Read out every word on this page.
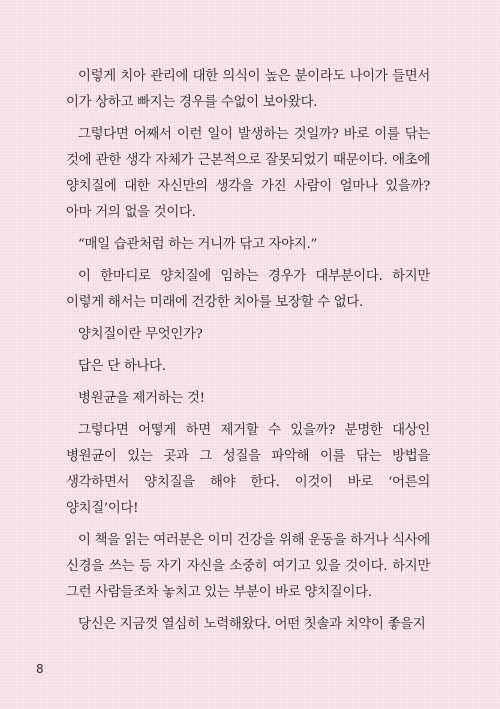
이렇게 치아 관리에 대한 의식이 높은 분이라도 나이가 들면서 이가 상하고 빠지는 경우를 수없이 보아왔다.

그렇다면 어째서 이런 일이 발생하는 것일까? 바로 이를 닦는 것에 관한 생각 자체가 근본적으로 잘못되었기 때문이다. 애초에 양치질에 대한 자신만의 생각을 가진 사람이 얼마나 있을까? 아마 거의 없을 것이다.

“매일 습관처럼 하는 거니까 닦고 자야지.”

이 한마디로 양치질에 임하는 경우가 대부분이다. 하지만 이렇게 해서는 미래에 건강한 치아를 보장할 수 없다.

양치질이란 무엇인가?

답은 단 하나다.

병원균을 제거하는 것!

그렇다면 어떻게 하면 제거할 수 있을까? 분명한 대상인 병원균이 있는 곳과 그 성질을 파악해 이를 닦는 방법을 생각하면서 양치질을 해야 한다. 이것이 바로 ‘어른의 양치질’이다!

이 책을 읽는 여러분은 이미 건강을 위해 운동을 하거나 식사에 신경을 쓰는 등 자기 자신을 소중히 여기고 있을 것이다. 하지만 그런 사람들조차 놓치고 있는 부분이 바로 양치질이다.

당신은 지금껏 열심히 노력해왔다. 어떤 칫솔과 치약이 좋을지

8
